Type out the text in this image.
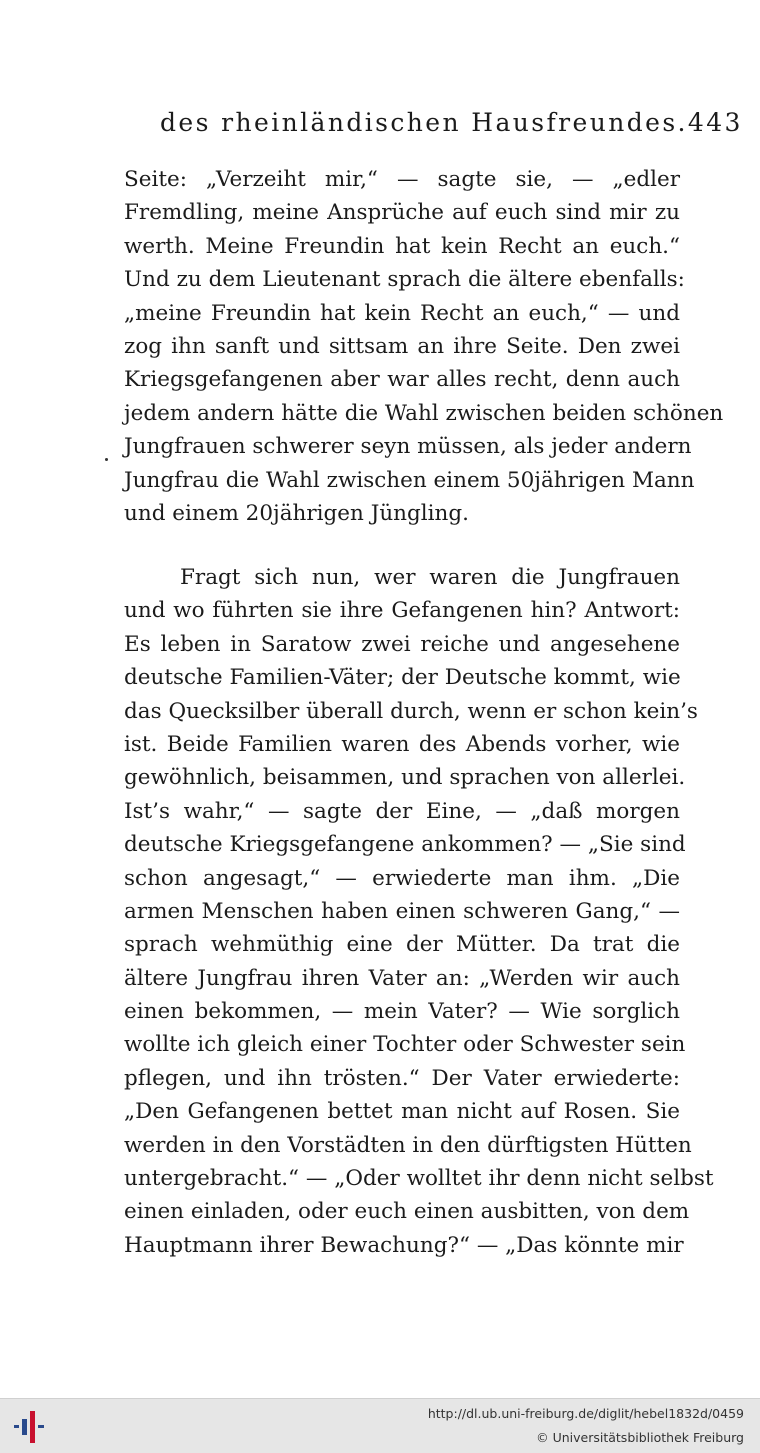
des rheinländischen Hausfreundes. 443
Seite: „Verzeiht mir,“ — sagte sie, — „edler
Fremdling, meine Ansprüche auf euch sind mir zu
werth. Meine Freundin hat kein Recht an euch.“
Und zu dem Lieutenant sprach die ältere ebenfalls:
„meine Freundin hat kein Recht an euch,“ — und
zog ihn sanft und sittsam an ihre Seite. Den zwei
Kriegsgefangenen aber war alles recht, denn auch
jedem andern hätte die Wahl zwischen beiden schönen
Jungfrauen schwerer seyn müssen, als jeder andern
Jungfrau die Wahl zwischen einem 50jährigen Mann
und einem 20jährigen Jüngling.
Fragt sich nun, wer waren die Jungfrauen
und wo führten sie ihre Gefangenen hin? Antwort:
Es leben in Saratow zwei reiche und angesehene
deutsche Familien-Väter; der Deutsche kommt, wie
das Quecksilber überall durch, wenn er schon kein’s
ist. Beide Familien waren des Abends vorher, wie
gewöhnlich, beisammen, und sprachen von allerlei.
Ist’s wahr,“ — sagte der Eine, — „daß morgen
deutsche Kriegsgefangene ankommen? — „Sie sind
schon angesagt,“ — erwiederte man ihm. „Die
armen Menschen haben einen schweren Gang,“ —
sprach wehmüthig eine der Mütter. Da trat die
ältere Jungfrau ihren Vater an: „Werden wir auch
einen bekommen, — mein Vater? — Wie sorglich
wollte ich gleich einer Tochter oder Schwester sein
pflegen, und ihn trösten.“ Der Vater erwiederte:
„Den Gefangenen bettet man nicht auf Rosen. Sie
werden in den Vorstädten in den dürftigsten Hütten
untergebracht.“ — „Oder wolltet ihr denn nicht selbst
einen einladen, oder euch einen ausbitten, von dem
Hauptmann ihrer Bewachung?“ — „Das könnte mir
http://dl.ub.uni-freiburg.de/diglit/hebel1832d/0459
© Universitätsbibliothek Freiburg
